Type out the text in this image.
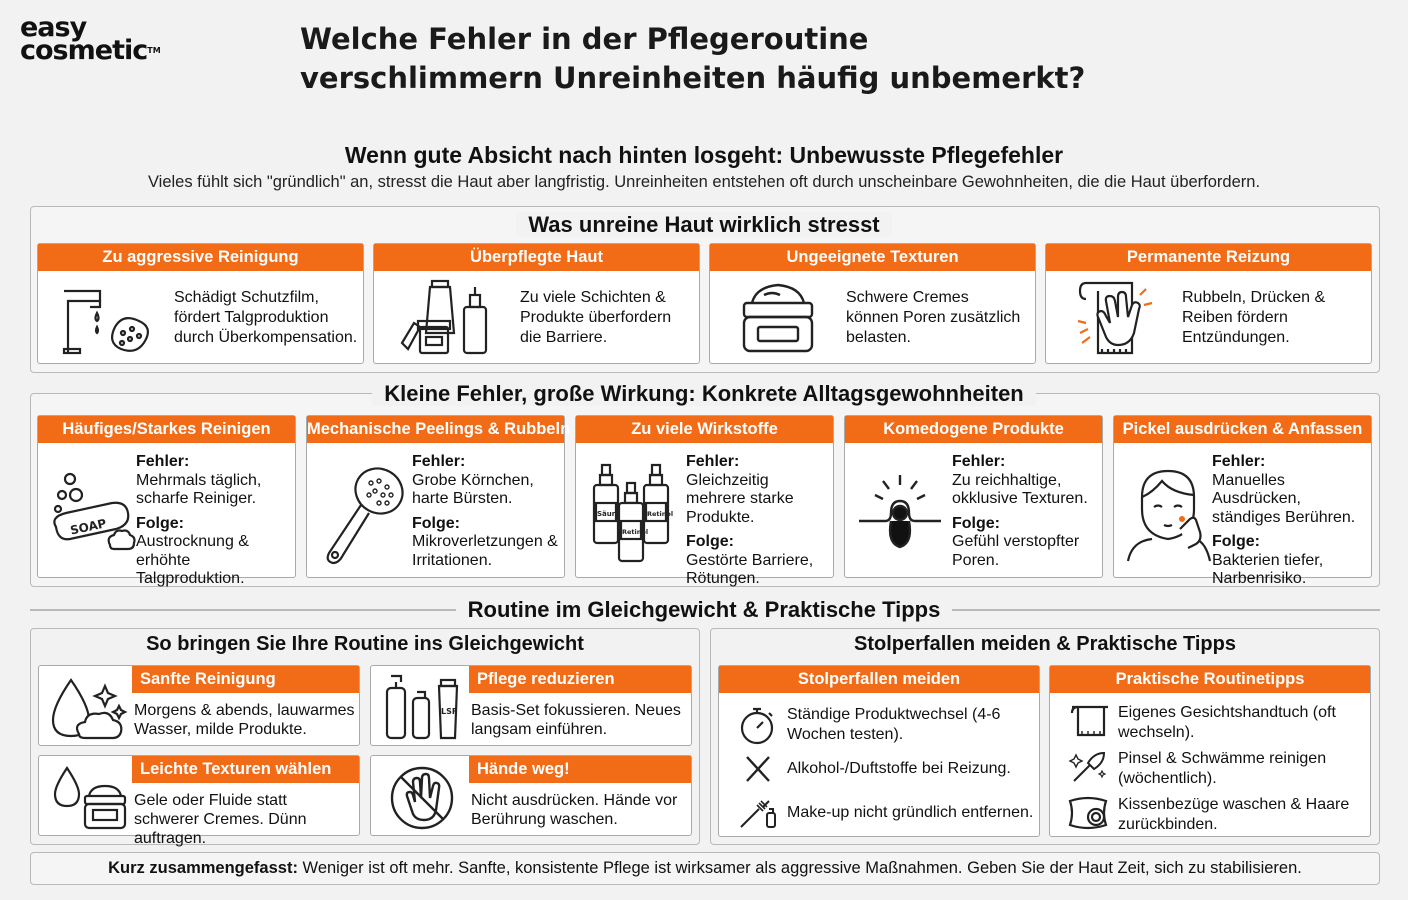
easy
cosmetic™	Welche Fehler in der Pflegeroutine verschlimmern Unreinheiten häufig unbemerkt?
Wenn gute Absicht nach hinten losgeht: Unbewusste Pflegefehler
Vieles fühlt sich "gründlich" an, stresst die Haut aber langfristig. Unreinheiten entstehen oft durch unscheinbare Gewohnheiten, die die Haut überfordern.
Was unreine Haut wirklich stresst
Zu aggressive Reinigung
Schädigt Schutzfilm, fördert Talgproduktion durch Überkompensation.
Überpflegte Haut
Zu viele Schichten & Produkte überfordern die Barriere.
Ungeeignete Texturen
Schwere Cremes können Poren zusätzlich belasten.
Permanente Reizung
Rubbeln, Drücken & Reiben fördern Entzündungen.
Kleine Fehler, große Wirkung: Konkrete Alltagsgewohnheiten
Häufiges/Starkes Reinigen
SOAP
Fehler:
Mehrmals täglich, scharfe Reiniger.
Folge:
Austrocknung & erhöhte Talgproduktion.
Mechanische Peelings & Rubbeln
Fehler:
Grobe Körnchen, harte Bürsten.
Folge:
Mikroverletzungen & Irritationen.
Zu viele Wirkstoffe
Säure	Retinol
Retinol
Fehler:
Gleichzeitig mehrere starke Produkte.
Folge:
Gestörte Barriere, Rötungen.
Komedogene Produkte
Fehler:
Zu reichhaltige, okklusive Texturen.
Folge:
Gefühl verstopfter Poren.
Pickel ausdrücken & Anfassen
Fehler:
Manuelles Ausdrücken, ständiges Berühren.
Folge:
Bakterien tiefer, Narbenrisiko.
Routine im Gleichgewicht & Praktische Tipps
So bringen Sie Ihre Routine ins Gleichgewicht
Sanfte Reinigung
Morgens & abends, lauwarmes Wasser, milde Produkte.
Pflege reduzieren
LSF Basis-Set fokussieren. Neues langsam einführen.
Leichte Texturen wählen
Gele oder Fluide statt schwerer Cremes. Dünn auftragen.
Hände weg!
Nicht ausdrücken. Hände vor Berührung waschen.
Stolperfallen meiden & Praktische Tipps
Stolperfallen meiden
Ständige Produktwechsel (4-6 Wochen testen).
Alkohol-/Duftstoffe bei Reizung.
Make-up nicht gründlich entfernen.
Praktische Routinetipps
Eigenes Gesichtshandtuch (oft wechseln).
Pinsel & Schwämme reinigen (wöchentlich).
Kissenbezüge waschen & Haare zurückbinden.
Kurz zusammengefasst: Weniger ist oft mehr. Sanfte, konsistente Pflege ist wirksamer als aggressive Maßnahmen. Geben Sie der Haut Zeit, sich zu stabilisieren.
